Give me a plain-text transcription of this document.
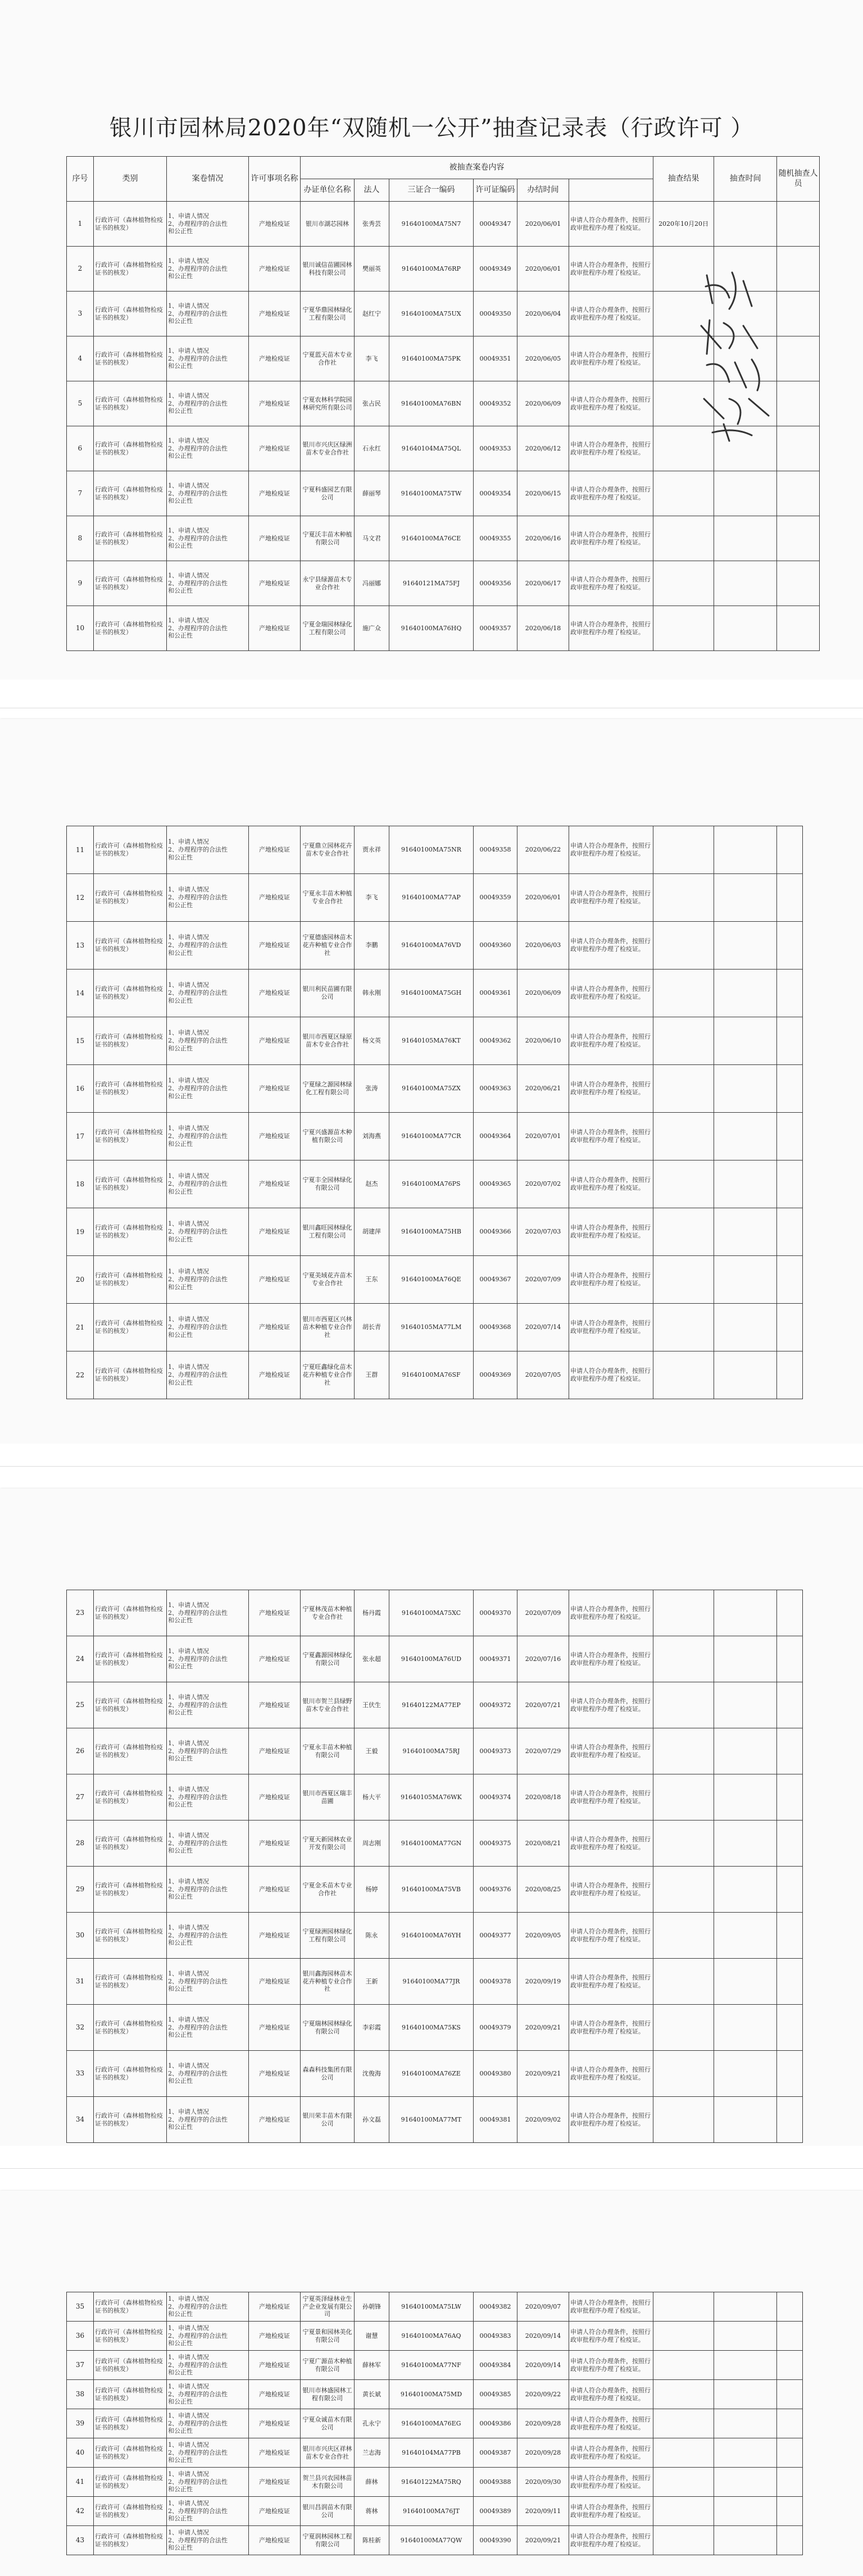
银川市园林局2020年“双随机一公开”抽查记录表（行政许可 ）
序号	类别	案卷情况	许可事项名称	被抽查案卷内容						抽查结果	抽查时间	随机抽查人员	
				办证单位名称	法人	三证合一编码	许可证编码	办结时间					
1	行政许可（森林植物检疫证书的核发）	1、申请人情况
2、办理程序的合法性
和公正性	产地检疫证	银川市湖芯园林	张秀芸	91640100MA75N7	00049347	2020/06/01	申请人符合办理条件，按照行政审批程序办理了检疫证。	2020年10月20日			
2	行政许可（森林植物检疫证书的核发）	1、申请人情况
2、办理程序的合法性
和公正性	产地检疫证	银川诚信苗圃园林科技有限公司	樊丽英	91640100MA76RP	00049349	2020/06/01	申请人符合办理条件，按照行政审批程序办理了检疫证。				
3	行政许可（森林植物检疫证书的核发）	1、申请人情况
2、办理程序的合法性
和公正性	产地检疫证	宁夏华鼎园林绿化工程有限公司	赵红宁	91640100MA75UX	00049350	2020/06/04	申请人符合办理条件，按照行政审批程序办理了检疫证。				
4	行政许可（森林植物检疫证书的核发）	1、申请人情况
2、办理程序的合法性
和公正性	产地检疫证	宁夏蓝天苗木专业合作社	李飞	91640100MA75PK	00049351	2020/06/05	申请人符合办理条件，按照行政审批程序办理了检疫证。				
5	行政许可（森林植物检疫证书的核发）	1、申请人情况
2、办理程序的合法性
和公正性	产地检疫证	宁夏农林科学院园林研究所有限公司	张占民	91640100MA76BN	00049352	2020/06/09	申请人符合办理条件，按照行政审批程序办理了检疫证。				
6	行政许可（森林植物检疫证书的核发）	1、申请人情况
2、办理程序的合法性
和公正性	产地检疫证	银川市兴庆区绿洲苗木专业合作社	石永红	91640104MA75QL	00049353	2020/06/12	申请人符合办理条件，按照行政审批程序办理了检疫证。				
7	行政许可（森林植物检疫证书的核发）	1、申请人情况
2、办理程序的合法性
和公正性	产地检疫证	宁夏科盛园艺有限公司	薛丽琴	91640100MA75TW	00049354	2020/06/15	申请人符合办理条件，按照行政审批程序办理了检疫证。				
8	行政许可（森林植物检疫证书的核发）	1、申请人情况
2、办理程序的合法性
和公正性	产地检疫证	宁夏沃丰苗木种植有限公司	马文君	91640100MA76CE	00049355	2020/06/16	申请人符合办理条件，按照行政审批程序办理了检疫证。				
9	行政许可（森林植物检疫证书的核发）	1、申请人情况
2、办理程序的合法性
和公正性	产地检疫证	永宁县绿源苗木专业合作社	冯丽娜	91640121MA75FJ	00049356	2020/06/17	申请人符合办理条件，按照行政审批程序办理了检疫证。				
10	行政许可（森林植物检疫证书的核发）	1、申请人情况
2、办理程序的合法性
和公正性	产地检疫证	宁夏金瑞园林绿化工程有限公司	施广众	91640100MA76HQ	00049357	2020/06/18	申请人符合办理条件，按照行政审批程序办理了检疫证。				
11	行政许可（森林植物检疫证书的核发）	1、申请人情况
2、办理程序的合法性
和公正性	产地检疫证	宁夏鼎立园林花卉苗木专业合作社	贾永祥	91640100MA75NR	00049358	2020/06/22	申请人符合办理条件，按照行政审批程序办理了检疫证。			
12	行政许可（森林植物检疫证书的核发）	1、申请人情况
2、办理程序的合法性
和公正性	产地检疫证	宁夏永丰苗木种植专业合作社	李飞	91640100MA77AP	00049359	2020/06/01	申请人符合办理条件，按照行政审批程序办理了检疫证。			
13	行政许可（森林植物检疫证书的核发）	1、申请人情况
2、办理程序的合法性
和公正性	产地检疫证	宁夏德盛园林苗木花卉种植专业合作社	李鹏	91640100MA76VD	00049360	2020/06/03	申请人符合办理条件，按照行政审批程序办理了检疫证。			
14	行政许可（森林植物检疫证书的核发）	1、申请人情况
2、办理程序的合法性
和公正性	产地检疫证	银川利民苗圃有限公司	韩永刚	91640100MA75GH	00049361	2020/06/09	申请人符合办理条件，按照行政审批程序办理了检疫证。			
15	行政许可（森林植物检疫证书的核发）	1、申请人情况
2、办理程序的合法性
和公正性	产地检疫证	银川市西夏区绿原苗木专业合作社	杨文英	91640105MA76KT	00049362	2020/06/10	申请人符合办理条件，按照行政审批程序办理了检疫证。			
16	行政许可（森林植物检疫证书的核发）	1、申请人情况
2、办理程序的合法性
和公正性	产地检疫证	宁夏绿之源园林绿化工程有限公司	张涛	91640100MA75ZX	00049363	2020/06/21	申请人符合办理条件，按照行政审批程序办理了检疫证。			
17	行政许可（森林植物检疫证书的核发）	1、申请人情况
2、办理程序的合法性
和公正性	产地检疫证	宁夏兴盛源苗木种植有限公司	刘海燕	91640100MA77CR	00049364	2020/07/01	申请人符合办理条件，按照行政审批程序办理了检疫证。			
18	行政许可（森林植物检疫证书的核发）	1、申请人情况
2、办理程序的合法性
和公正性	产地检疫证	宁夏丰全园林绿化有限公司	赵杰	91640100MA76PS	00049365	2020/07/02	申请人符合办理条件，按照行政审批程序办理了检疫证。			
19	行政许可（森林植物检疫证书的核发）	1、申请人情况
2、办理程序的合法性
和公正性	产地检疫证	银川鑫旺园林绿化工程有限公司	胡建萍	91640100MA75HB	00049366	2020/07/03	申请人符合办理条件，按照行政审批程序办理了检疫证。			
20	行政许可（森林植物检疫证书的核发）	1、申请人情况
2、办理程序的合法性
和公正性	产地检疫证	宁夏美域花卉苗木专业合作社	王东	91640100MA76QE	00049367	2020/07/09	申请人符合办理条件，按照行政审批程序办理了检疫证。			
21	行政许可（森林植物检疫证书的核发）	1、申请人情况
2、办理程序的合法性
和公正性	产地检疫证	银川市西夏区兴林苗木种植专业合作社	胡长青	91640105MA77LM	00049368	2020/07/14	申请人符合办理条件，按照行政审批程序办理了检疫证。			
22	行政许可（森林植物检疫证书的核发）	1、申请人情况
2、办理程序的合法性
和公正性	产地检疫证	宁夏旺鑫绿化苗木花卉种植专业合作社	王群	91640100MA76SF	00049369	2020/07/05	申请人符合办理条件，按照行政审批程序办理了检疫证。			
23	行政许可（森林植物检疫证书的核发）	1、申请人情况
2、办理程序的合法性
和公正性	产地检疫证	宁夏林茂苗木种植专业合作社	杨丹霞	91640100MA75XC	00049370	2020/07/09	申请人符合办理条件，按照行政审批程序办理了检疫证。			
24	行政许可（森林植物检疫证书的核发）	1、申请人情况
2、办理程序的合法性
和公正性	产地检疫证	宁夏鑫源园林绿化有限公司	张永超	91640100MA76UD	00049371	2020/07/16	申请人符合办理条件，按照行政审批程序办理了检疫证。			
25	行政许可（森林植物检疫证书的核发）	1、申请人情况
2、办理程序的合法性
和公正性	产地检疫证	银川市贺兰县绿野苗木专业合作社	王伏生	91640122MA77EP	00049372	2020/07/21	申请人符合办理条件，按照行政审批程序办理了检疫证。			
26	行政许可（森林植物检疫证书的核发）	1、申请人情况
2、办理程序的合法性
和公正性	产地检疫证	宁夏永丰苗木种植有限公司	王毅	91640100MA75RJ	00049373	2020/07/29	申请人符合办理条件，按照行政审批程序办理了检疫证。			
27	行政许可（森林植物检疫证书的核发）	1、申请人情况
2、办理程序的合法性
和公正性	产地检疫证	银川市西夏区瑞丰苗圃	杨大平	91640105MA76WK	00049374	2020/08/18	申请人符合办理条件，按照行政审批程序办理了检疫证。			
28	行政许可（森林植物检疫证书的核发）	1、申请人情况
2、办理程序的合法性
和公正性	产地检疫证	宁夏天新园林农业开发有限公司	周志刚	91640100MA77GN	00049375	2020/08/21	申请人符合办理条件，按照行政审批程序办理了检疫证。			
29	行政许可（森林植物检疫证书的核发）	1、申请人情况
2、办理程序的合法性
和公正性	产地检疫证	宁夏金禾苗木专业合作社	杨婷	91640100MA75VB	00049376	2020/08/25	申请人符合办理条件，按照行政审批程序办理了检疫证。			
30	行政许可（森林植物检疫证书的核发）	1、申请人情况
2、办理程序的合法性
和公正性	产地检疫证	宁夏绿洲园林绿化工程有限公司	陈永	91640100MA76YH	00049377	2020/09/05	申请人符合办理条件，按照行政审批程序办理了检疫证。			
31	行政许可（森林植物检疫证书的核发）	1、申请人情况
2、办理程序的合法性
和公正性	产地检疫证	银川鑫海园林苗木花卉种植专业合作社	王新	91640100MA77JR	00049378	2020/09/19	申请人符合办理条件，按照行政审批程序办理了检疫证。			
32	行政许可（森林植物检疫证书的核发）	1、申请人情况
2、办理程序的合法性
和公正性	产地检疫证	宁夏瑞林园林绿化有限公司	李彩霞	91640100MA75KS	00049379	2020/09/21	申请人符合办理条件，按照行政审批程序办理了检疫证。			
33	行政许可（森林植物检疫证书的核发）	1、申请人情况
2、办理程序的合法性
和公正性	产地检疫证	森森科技集团有限公司	沈俊海	91640100MA76ZE	00049380	2020/09/21	申请人符合办理条件，按照行政审批程序办理了检疫证。			
34	行政许可（森林植物检疫证书的核发）	1、申请人情况
2、办理程序的合法性
和公正性	产地检疫证	银川荣丰苗木有限公司	孙文磊	91640100MA77MT	00049381	2020/09/02	申请人符合办理条件，按照行政审批程序办理了检疫证。			
35	行政许可（森林植物检疫证书的核发）	1、申请人情况
2、办理程序的合法性
和公正性	产地检疫证	宁夏英泽绿林业生产企业发展有限公司	孙朝锋	91640100MA75LW	00049382	2020/09/07	申请人符合办理条件，按照行政审批程序办理了检疫证。			
36	行政许可（森林植物检疫证书的核发）	1、申请人情况
2、办理程序的合法性
和公正性	产地检疫证	宁夏景和园林美化有限公司	谢慧	91640100MA76AQ	00049383	2020/09/14	申请人符合办理条件，按照行政审批程序办理了检疫证。			
37	行政许可（森林植物检疫证书的核发）	1、申请人情况
2、办理程序的合法性
和公正性	产地检疫证	宁夏广源苗木种植有限公司	薛林军	91640100MA77NF	00049384	2020/09/14	申请人符合办理条件，按照行政审批程序办理了检疫证。			
38	行政许可（森林植物检疫证书的核发）	1、申请人情况
2、办理程序的合法性
和公正性	产地检疫证	银川市林盛园林工程有限公司	黄长斌	91640100MA75MD	00049385	2020/09/22	申请人符合办理条件，按照行政审批程序办理了检疫证。			
39	行政许可（森林植物检疫证书的核发）	1、申请人情况
2、办理程序的合法性
和公正性	产地检疫证	宁夏众诚苗木有限公司	孔永宁	91640100MA76EG	00049386	2020/09/28	申请人符合办理条件，按照行政审批程序办理了检疫证。			
40	行政许可（森林植物检疫证书的核发）	1、申请人情况
2、办理程序的合法性
和公正性	产地检疫证	银川市兴庆区祥林苗木专业合作社	兰志海	91640104MA77PB	00049387	2020/09/28	申请人符合办理条件，按照行政审批程序办理了检疫证。			
41	行政许可（森林植物检疫证书的核发）	1、申请人情况
2、办理程序的合法性
和公正性	产地检疫证	贺兰县兴农园林苗木有限公司	薛林	91640122MA75RQ	00049388	2020/09/30	申请人符合办理条件，按照行政审批程序办理了检疫证。			
42	行政许可（森林植物检疫证书的核发）	1、申请人情况
2、办理程序的合法性
和公正性	产地检疫证	银川昌润苗木有限公司	蒋林	91640100MA76JT	00049389	2020/09/11	申请人符合办理条件，按照行政审批程序办理了检疫证。			
43	行政许可（森林植物检疫证书的核发）	1、申请人情况
2、办理程序的合法性
和公正性	产地检疫证	宁夏润林园林工程有限公司	陈桂新	91640100MA77QW	00049390	2020/09/21	申请人符合办理条件，按照行政审批程序办理了检疫证。			
